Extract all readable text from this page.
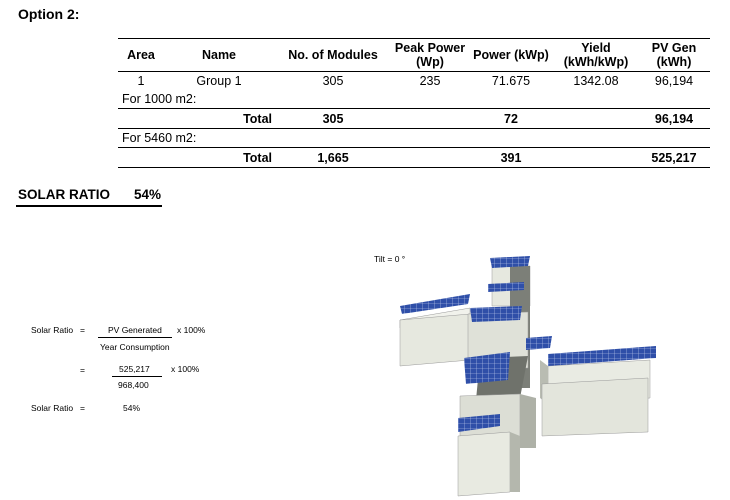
Option 2:
Area	Name	No. of Modules	Peak Power (Wp)	Power (kWp)	Yield (kWh/kWp)	PV Gen (kWh)
1	Group 1	305	235	71.675	1342.08	96,194
For 1000 m2:						
	Total	305		72		96,194
For 5460 m2:						
	Total	1,665		391		525,217
SOLAR RATIO 54%
Solar Ratio =	PV Generated x 100%
Year Consumption
=	525,217	x 100%
968,400
Solar Ratio =	54%
Tilt = 0 °
